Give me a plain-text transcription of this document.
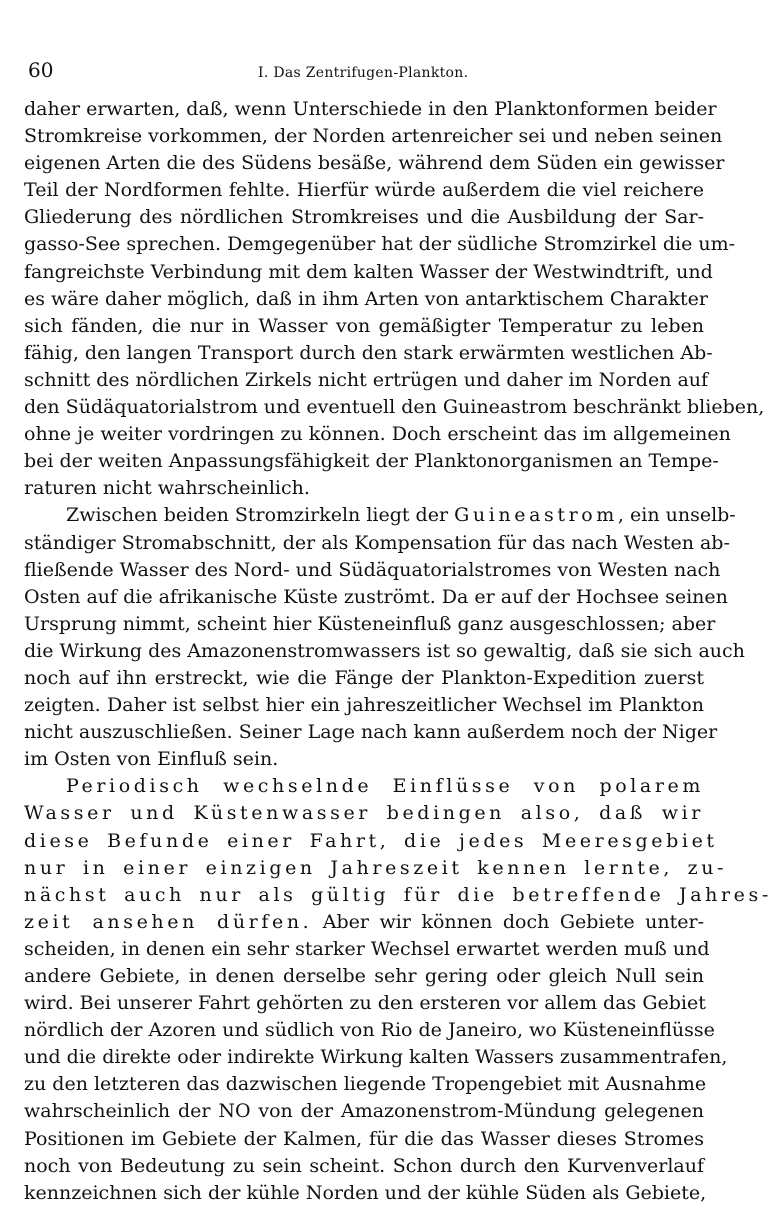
60	I. Das Zentrifugen-Plankton.
daher erwarten, daß, wenn Unterschiede in den Planktonformen beider
Stromkreise vorkommen, der Norden artenreicher sei und neben seinen
eigenen Arten die des Südens besäße, während dem Süden ein gewisser
Teil der Nordformen fehlte. Hierfür würde außerdem die viel reichere
Gliederung des nördlichen Stromkreises und die Ausbildung der Sar-
gasso-See sprechen. Demgegenüber hat der südliche Stromzirkel die um-
fangreichste Verbindung mit dem kalten Wasser der Westwindtrift, und
es wäre daher möglich, daß in ihm Arten von antarktischem Charakter
sich fänden, die nur in Wasser von gemäßigter Temperatur zu leben
fähig, den langen Transport durch den stark erwärmten westlichen Ab-
schnitt des nördlichen Zirkels nicht ertrügen und daher im Norden auf
den Südäquatorialstrom und eventuell den Guineastrom beschränkt blieben,
ohne je weiter vordringen zu können. Doch erscheint das im allgemeinen
bei der weiten Anpassungsfähigkeit der Planktonorganismen an Tempe-
raturen nicht wahrscheinlich.
Zwischen beiden Stromzirkeln liegt der Guineastrom, ein unselb-
ständiger Stromabschnitt, der als Kompensation für das nach Westen ab-
fließende Wasser des Nord- und Südäquatorialstromes von Westen nach
Osten auf die afrikanische Küste zuströmt. Da er auf der Hochsee seinen
Ursprung nimmt, scheint hier Küsteneinfluß ganz ausgeschlossen; aber
die Wirkung des Amazonenstromwassers ist so gewaltig, daß sie sich auch
noch auf ihn erstreckt, wie die Fänge der Plankton-Expedition zuerst
zeigten. Daher ist selbst hier ein jahreszeitlicher Wechsel im Plankton
nicht auszuschließen. Seiner Lage nach kann außerdem noch der Niger
im Osten von Einfluß sein.
Periodisch wechselnde Einflüsse von polarem
Wasser und Küstenwasser bedingen also, daß wir
diese Befunde einer Fahrt, die jedes Meeresgebiet
nur in einer einzigen Jahreszeit kennen lernte, zu-
nächst auch nur als gültig für die betreffende Jahres-
zeit ansehen dürfen. Aber wir können doch Gebiete unter-
scheiden, in denen ein sehr starker Wechsel erwartet werden muß und
andere Gebiete, in denen derselbe sehr gering oder gleich Null sein
wird. Bei unserer Fahrt gehörten zu den ersteren vor allem das Gebiet
nördlich der Azoren und südlich von Rio de Janeiro, wo Küsteneinflüsse
und die direkte oder indirekte Wirkung kalten Wassers zusammentrafen,
zu den letzteren das dazwischen liegende Tropengebiet mit Ausnahme
wahrscheinlich der NO von der Amazonenstrom-Mündung gelegenen
Positionen im Gebiete der Kalmen, für die das Wasser dieses Stromes
noch von Bedeutung zu sein scheint. Schon durch den Kurvenverlauf
kennzeichnen sich der kühle Norden und der kühle Süden als Gebiete,
